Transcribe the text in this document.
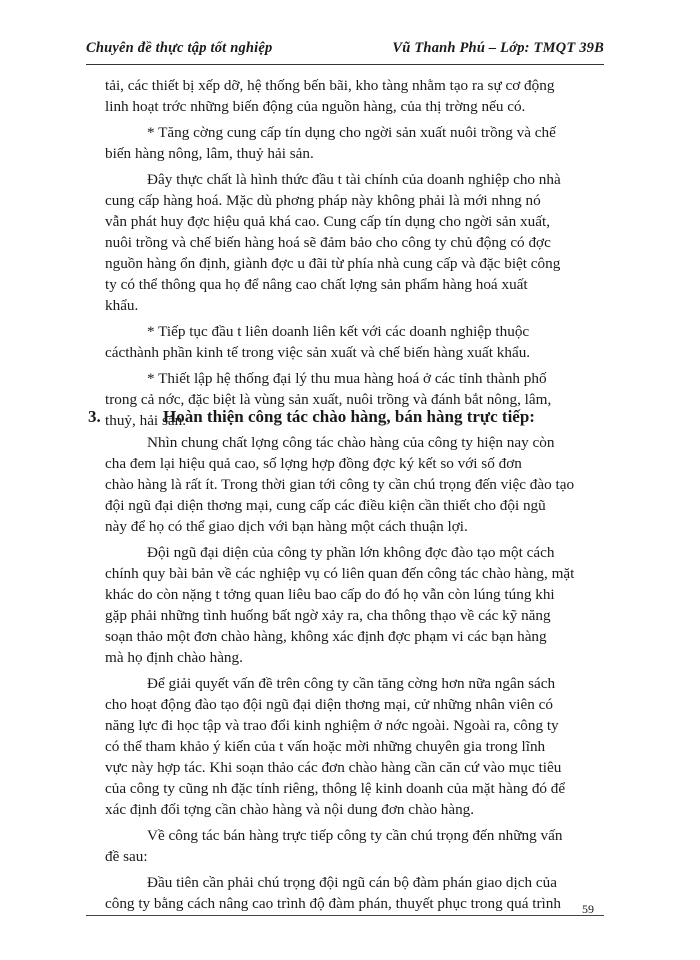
Chuyên đề thực tập tốt nghiệp	Vũ Thanh Phú – Lớp: TMQT 39B
tải, các thiết bị xếp dỡ, hệ thống bến bãi, kho tàng nhằm tạo ra sự cơ động
linh hoạt trớc những biến động của nguồn hàng, của thị trờng nếu có.
* Tăng cờng cung cấp tín dụng cho ngời sản xuất nuôi trồng và chế
biến hàng nông, lâm, thuỷ hải sản.
Đây thực chất là hình thức đầu t tài chính của doanh nghiệp cho nhà
cung cấp hàng hoá. Mặc dù phơng pháp này không phải là mới nhng nó
vẫn phát huy đợc hiệu quả khá cao. Cung cấp tín dụng cho ngời sản xuất,
nuôi trồng và chế biến hàng hoá sẽ đảm bảo cho công ty chủ động có đợc
nguồn hàng ổn định, giành đợc u đãi từ phía nhà cung cấp và đặc biệt công
ty có thể thông qua họ để nâng cao chất lợng sản phẩm hàng hoá xuất
khẩu.
* Tiếp tục đầu t liên doanh liên kết với các doanh nghiệp thuộc
cácthành phần kinh tế trong việc sản xuất và chế biến hàng xuất khẩu.
* Thiết lập hệ thống đại lý thu mua hàng hoá ở các tỉnh thành phố
trong cả nớc, đặc biệt là vùng sản xuất, nuôi trồng và đánh bắt nông, lâm,
thuỷ, hải sản.
3.	Hoàn thiện công tác chào hàng, bán hàng trực tiếp:
Nhìn chung chất lợng công tác chào hàng của công ty hiện nay còn
cha đem lại hiệu quả cao, số lợng hợp đồng đợc ký kết so với số đơn
chào hàng là rất ít. Trong thời gian tới công ty cần chú trọng đến việc đào tạo
đội ngũ đại diện thơng mại, cung cấp các điều kiện cần thiết cho đội ngũ
này để họ có thể giao dịch với bạn hàng một cách thuận lợi.
Đội ngũ đại diện của công ty phần lớn không đợc đào tạo một cách
chính quy bài bản về các nghiệp vụ có liên quan đến công tác chào hàng, mặt
khác do còn nặng t tởng quan liêu bao cấp do đó họ vẫn còn lúng túng khi
gặp phải những tình huống bất ngờ xảy ra, cha thông thạo về các kỹ năng
soạn thảo một đơn chào hàng, không xác định đợc phạm vi các bạn hàng
mà họ định chào hàng.
Để giải quyết vấn đề trên công ty cần tăng cờng hơn nữa ngân sách
cho hoạt động đào tạo đội ngũ đại diện thơng mại, cử những nhân viên có
năng lực đi học tập và trao đổi kinh nghiệm ở nớc ngoài. Ngoài ra, công ty
có thể tham khảo ý kiến của t vấn hoặc mời những chuyên gia trong lĩnh
vực này hợp tác. Khi soạn thảo các đơn chào hàng cần căn cứ vào mục tiêu
của công ty cũng nh đặc tính riêng, thông lệ kinh doanh của mặt hàng đó để
xác định đối tợng cần chào hàng và nội dung đơn chào hàng.
Về công tác bán hàng trực tiếp công ty cần chú trọng đến những vấn
đề sau:
Đầu tiên cần phải chú trọng đội ngũ cán bộ đàm phán giao dịch của
công ty bằng cách nâng cao trình độ đàm phán, thuyết phục trong quá trình	59
